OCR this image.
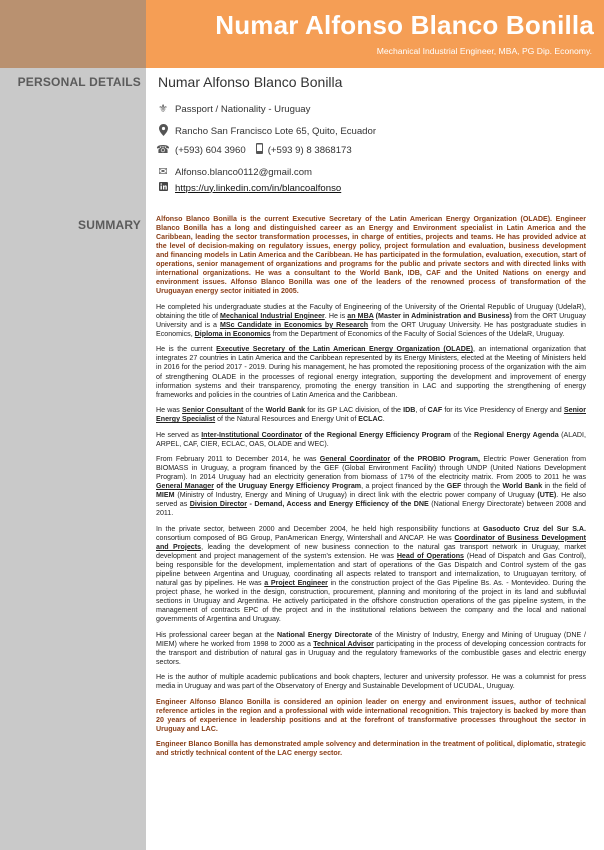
Numar Alfonso Blanco Bonilla
Mechanical Industrial Engineer, MBA, PG Dip. Economy.
PERSONAL DETAILS
SUMMARY
Numar Alfonso Blanco Bonilla
⚜ Passport / Nationality - Uruguay
Rancho San Francisco Lote 65, Quito, Ecuador
☎ (+593) 604 3960 (+593 9) 8 3868173
✉ Alfonso.blanco0112@gmail.com
https://uy.linkedin.com/in/blancoalfonso

Alfonso Blanco Bonilla is the current Executive Secretary of the Latin American Energy Organization (OLADE). Engineer Blanco Bonilla has a long and distinguished career as an Energy and Environment specialist in Latin America and the Caribbean, leading the sector transformation processes, in charge of entities, projects and teams. He has provided advice at the level of decision-making on regulatory issues, energy policy, project formulation and evaluation, business development and financing models in Latin America and the Caribbean. He has participated in the formulation, evaluation, execution, start of operations, senior management of organizations and programs for the public and private sectors and with directed links with international organizations. He was a consultant to the World Bank, IDB, CAF and the United Nations on energy and environment issues. Alfonso Blanco Bonilla was one of the leaders of the renowned process of transformation of the Uruguayan energy sector initiated in 2005.

He completed his undergraduate studies at the Faculty of Engineering of the University of the Oriental Republic of Uruguay (UdelaR), obtaining the title of Mechanical Industrial Engineer. He is an MBA (Master in Administration and Business) from the ORT Uruguay University and is a MSc Candidate in Economics by Research from the ORT Uruguay University. He has postgraduate studies in Economics, Diploma in Economics from the Department of Economics of the Faculty of Social Sciences of the UdelaR, Uruguay.

He is the current Executive Secretary of the Latin American Energy Organization (OLADE), an international organization that integrates 27 countries in Latin America and the Caribbean represented by its Energy Ministers, elected at the Meeting of Ministers held in 2016 for the period 2017 - 2019. During his management, he has promoted the repositioning process of the organization with the aim of strengthening OLADE in the processes of regional energy integration, supporting the development and improvement of energy information systems and their transparency, promoting the energy transition in LAC and supporting the strengthening of energy frameworks and policies in the countries of Latin America and the Caribbean.

He was Senior Consultant of the World Bank for its GP LAC division, of the IDB, of CAF for its Vice Presidency of Energy and Senior Energy Specialist of the Natural Resources and Energy Unit of ECLAC.

He served as Inter-Institutional Coordinator of the Regional Energy Efficiency Program of the Regional Energy Agenda (ALADI, ARPEL, CAF, CIER, ECLAC, OAS, OLADE and WEC).

From February 2011 to December 2014, he was General Coordinator of the PROBIO Program, Electric Power Generation from BIOMASS in Uruguay, a program financed by the GEF (Global Environment Facility) through UNDP (United Nations Development Program). In 2014 Uruguay had an electricity generation from biomass of 17% of the electricity matrix. From 2005 to 2011 he was General Manager of the Uruguay Energy Efficiency Program, a project financed by the GEF through the World Bank in the field of MIEM (Ministry of Industry, Energy and Mining of Uruguay) in direct link with the electric power company of Uruguay (UTE). He also served as Division Director - Demand, Access and Energy Efficiency of the DNE (National Energy Directorate) between 2008 and 2011.

In the private sector, between 2000 and December 2004, he held high responsibility functions at Gasoducto Cruz del Sur S.A. consortium composed of BG Group, PanAmerican Energy, Wintershall and ANCAP. He was Coordinator of Business Development and Projects, leading the development of new business connection to the natural gas transport network in Uruguay, market development and project management of the system's extension. He was Head of Operations (Head of Dispatch and Gas Control), being responsible for the development, implementation and start of operations of the Gas Dispatch and Control system of the gas pipeline between Argentina and Uruguay, coordinating all aspects related to transport and internalization, to Uruguayan territory, of natural gas by pipelines. He was a Project Engineer in the construction project of the Gas Pipeline Bs. As. - Montevideo. During the project phase, he worked in the design, construction, procurement, planning and monitoring of the project in its land and subfluvial sections in Uruguay and Argentina. He actively participated in the offshore construction operations of the gas pipeline system, in the management of contracts EPC of the project and in the institutional relations between the company and the local and national governments of Argentina and Uruguay.

His professional career began at the National Energy Directorate of the Ministry of Industry, Energy and Mining of Uruguay (DNE / MIEM) where he worked from 1998 to 2000 as a Technical Advisor participating in the process of developing concession contracts for the transport and distribution of natural gas in Uruguay and the regulatory frameworks of the combustible gases and electric energy sectors.

He is the author of multiple academic publications and book chapters, lecturer and university professor. He was a columnist for press media in Uruguay and was part of the Observatory of Energy and Sustainable Development of UCUDAL, Uruguay.

Engineer Alfonso Blanco Bonilla is considered an opinion leader on energy and environment issues, author of technical reference articles in the region and a professional with wide international recognition. This trajectory is backed by more than 20 years of experience in leadership positions and at the forefront of transformative processes throughout the sector in Uruguay and LAC.

Engineer Blanco Bonilla has demonstrated ample solvency and determination in the treatment of political, diplomatic, strategic and strictly technical content of the LAC energy sector.
